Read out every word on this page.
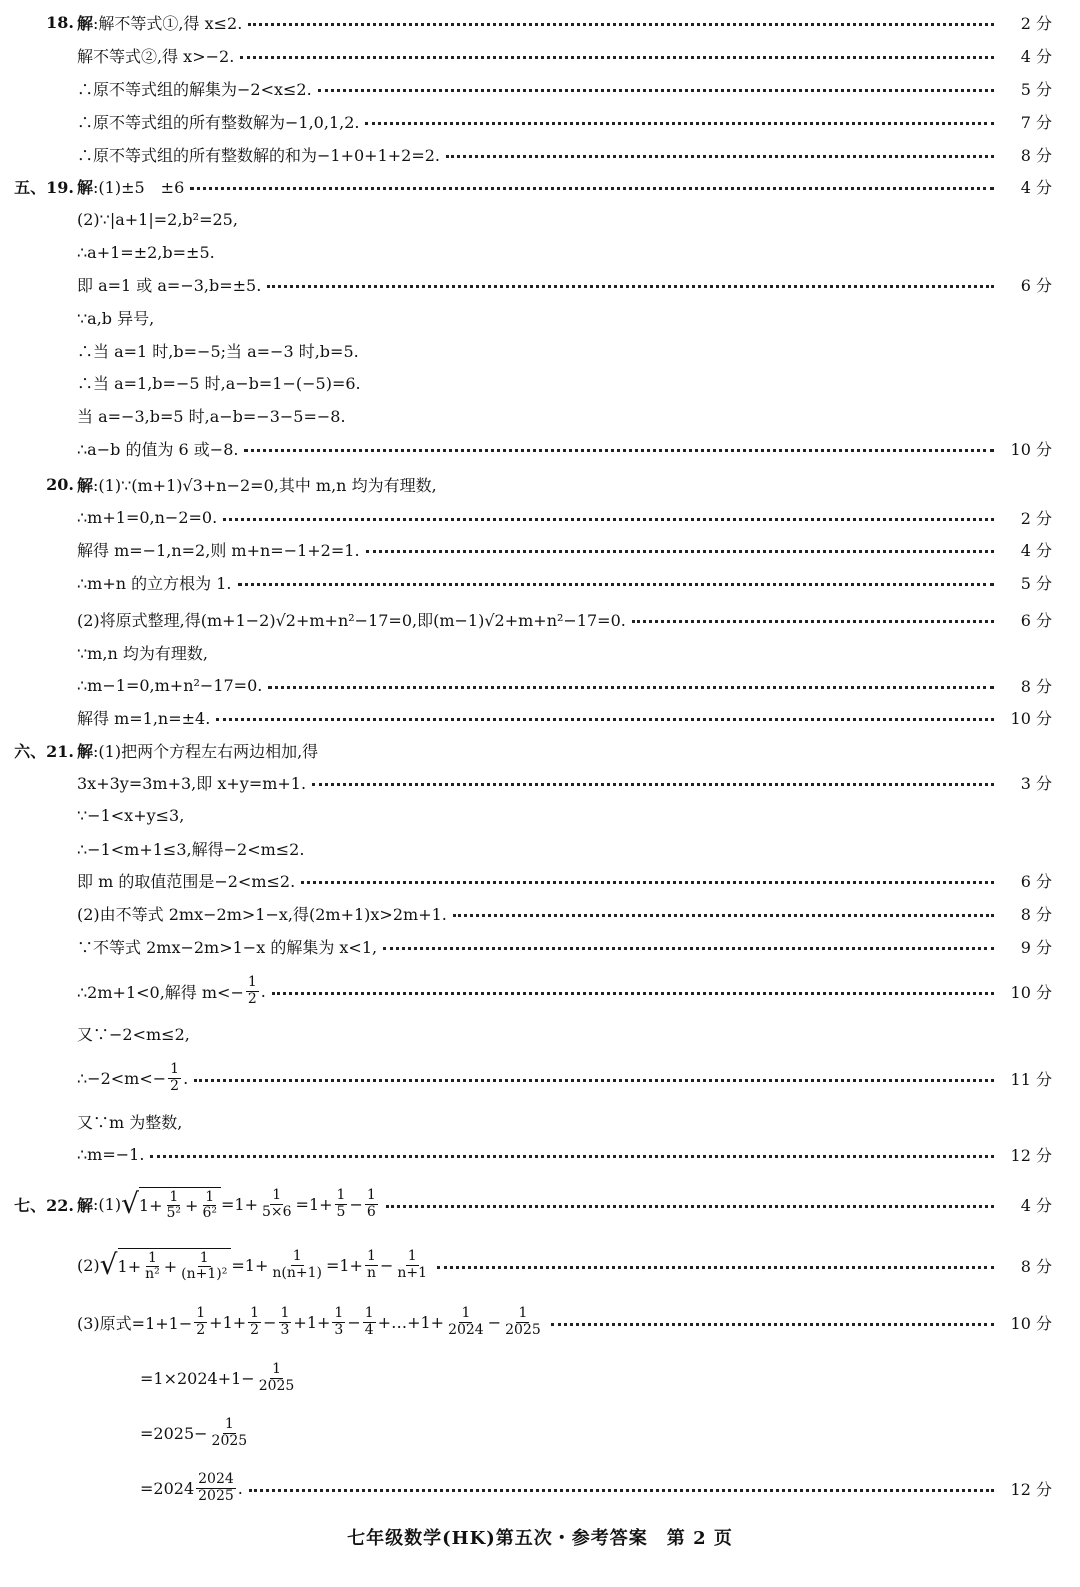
18. 解 :解不等式①,得 x≤2.	2 分
解不等式②,得 x>−2.	4 分
∴原不等式组的解集为−2<x≤2.	5 分
∴原不等式组的所有整数解为−1,0,1,2.	7 分
∴原不等式组的所有整数解的和为−1+0+1+2=2.	8 分
五、19. 解 :(1)±5　±6	4 分
(2)∵|a+1|=2,b²=25,
∴a+1=±2,b=±5.
即 a=1 或 a=−3,b=±5.	6 分
∵a,b 异号,
∴当 a=1 时,b=−5;当 a=−3 时,b=5.
∴当 a=1,b=−5 时,a−b=1−(−5)=6.
当 a=−3,b=5 时,a−b=−3−5=−8.
∴a−b 的值为 6 或−8.	10 分
20. 解 :(1)∵(m+1)√3+n−2=0,其中 m,n 均为有理数,
∴m+1=0,n−2=0.	2 分
解得 m=−1,n=2,则 m+n=−1+2=1.	4 分
∴m+n 的立方根为 1.	5 分
(2)将原式整理,得(m+1−2)√2+m+n²−17=0,即(m−1)√2+m+n²−17=0.	6 分
∵m,n 均为有理数,
∴m−1=0,m+n²−17=0.	8 分
解得 m=1,n=±4.	10 分
六、21. 解 :(1)把两个方程左右两边相加,得
3x+3y=3m+3,即 x+y=m+1.	3 分
∵−1<x+y≤3,
∴−1<m+1≤3,解得−2<m≤2.
即 m 的取值范围是−2<m≤2.	6 分
(2)由不等式 2mx−2m>1−x,得(2m+1)x>2m+1.	8 分
∵不等式 2mx−2m>1−x 的解集为 x<1,	9 分
∴2m+1<0,解得 $m<- \frac{1}{2}$ .	10 分
又∵−2<m≤2,
∴−2<m<− $\frac{1}{2}$ .	11 分
又∵m 为整数,
∴m=−1.	12 分
七、22. 解 :(1) √ $1+ \frac{1}{\text{5²}} + \frac{1}{\text{6²}} =1+ \frac{1}{5\times 6} =1+ \frac{1}{5} - \frac{1}{6}$	4 分
(2) √ $1+ \frac{1}{\text{n²}} + \frac{1}{\text{(n+1)²}} =1+ \frac{1}{n(n+1)} =1+ \frac{1}{n} - \frac{1}{n+1}$	8 分
(3)原式$=1+1- \frac{1}{2} +1+ \frac{1}{2} - \frac{1}{3} +1+ \frac{1}{3} - \frac{1}{4}$ +…+1+ $\frac{1}{2024} - \frac{1}{2025}$	10 分
$=1\times 2024+1- \frac{1}{2025}$
$=2025- \frac{1}{2025}$
$=2024 \frac{2024}{2025}$ .	12 分
七年级数学(HK)第五次・参考答案　第 2 页
